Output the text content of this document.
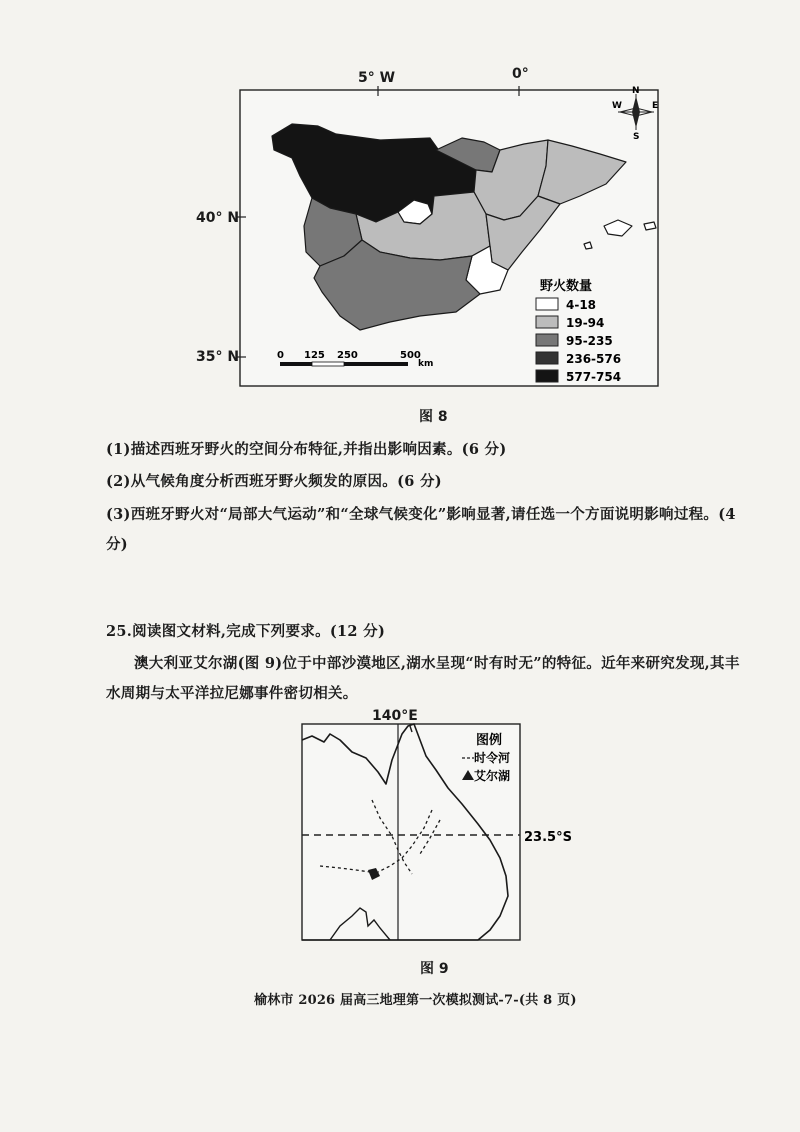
5° W	0°
40° N
35° N
N
S
W	E
野火数量
4-18
19-94
95-235
236-576
577-754
0 125 250	500
km
图 8
(1)描述西班牙野火的空间分布特征,并指出影响因素。(6 分)
(2)从气候角度分析西班牙野火频发的原因。(6 分)
(3)西班牙野火对“局部大气运动”和“全球气候变化”影响显著,请任选一个方面说明影响过程。(4 分)
25.阅读图文材料,完成下列要求。(12 分)
澳大利亚艾尔湖(图 9)位于中部沙漠地区,湖水呈现“时有时无”的特征。近年来研究发现,其丰水周期与太平洋拉尼娜事件密切相关。
140°E
图例
时令河
艾尔湖
23.5°S
图 9
榆林市 2026 届高三地理第一次模拟测试-7-(共 8 页)
